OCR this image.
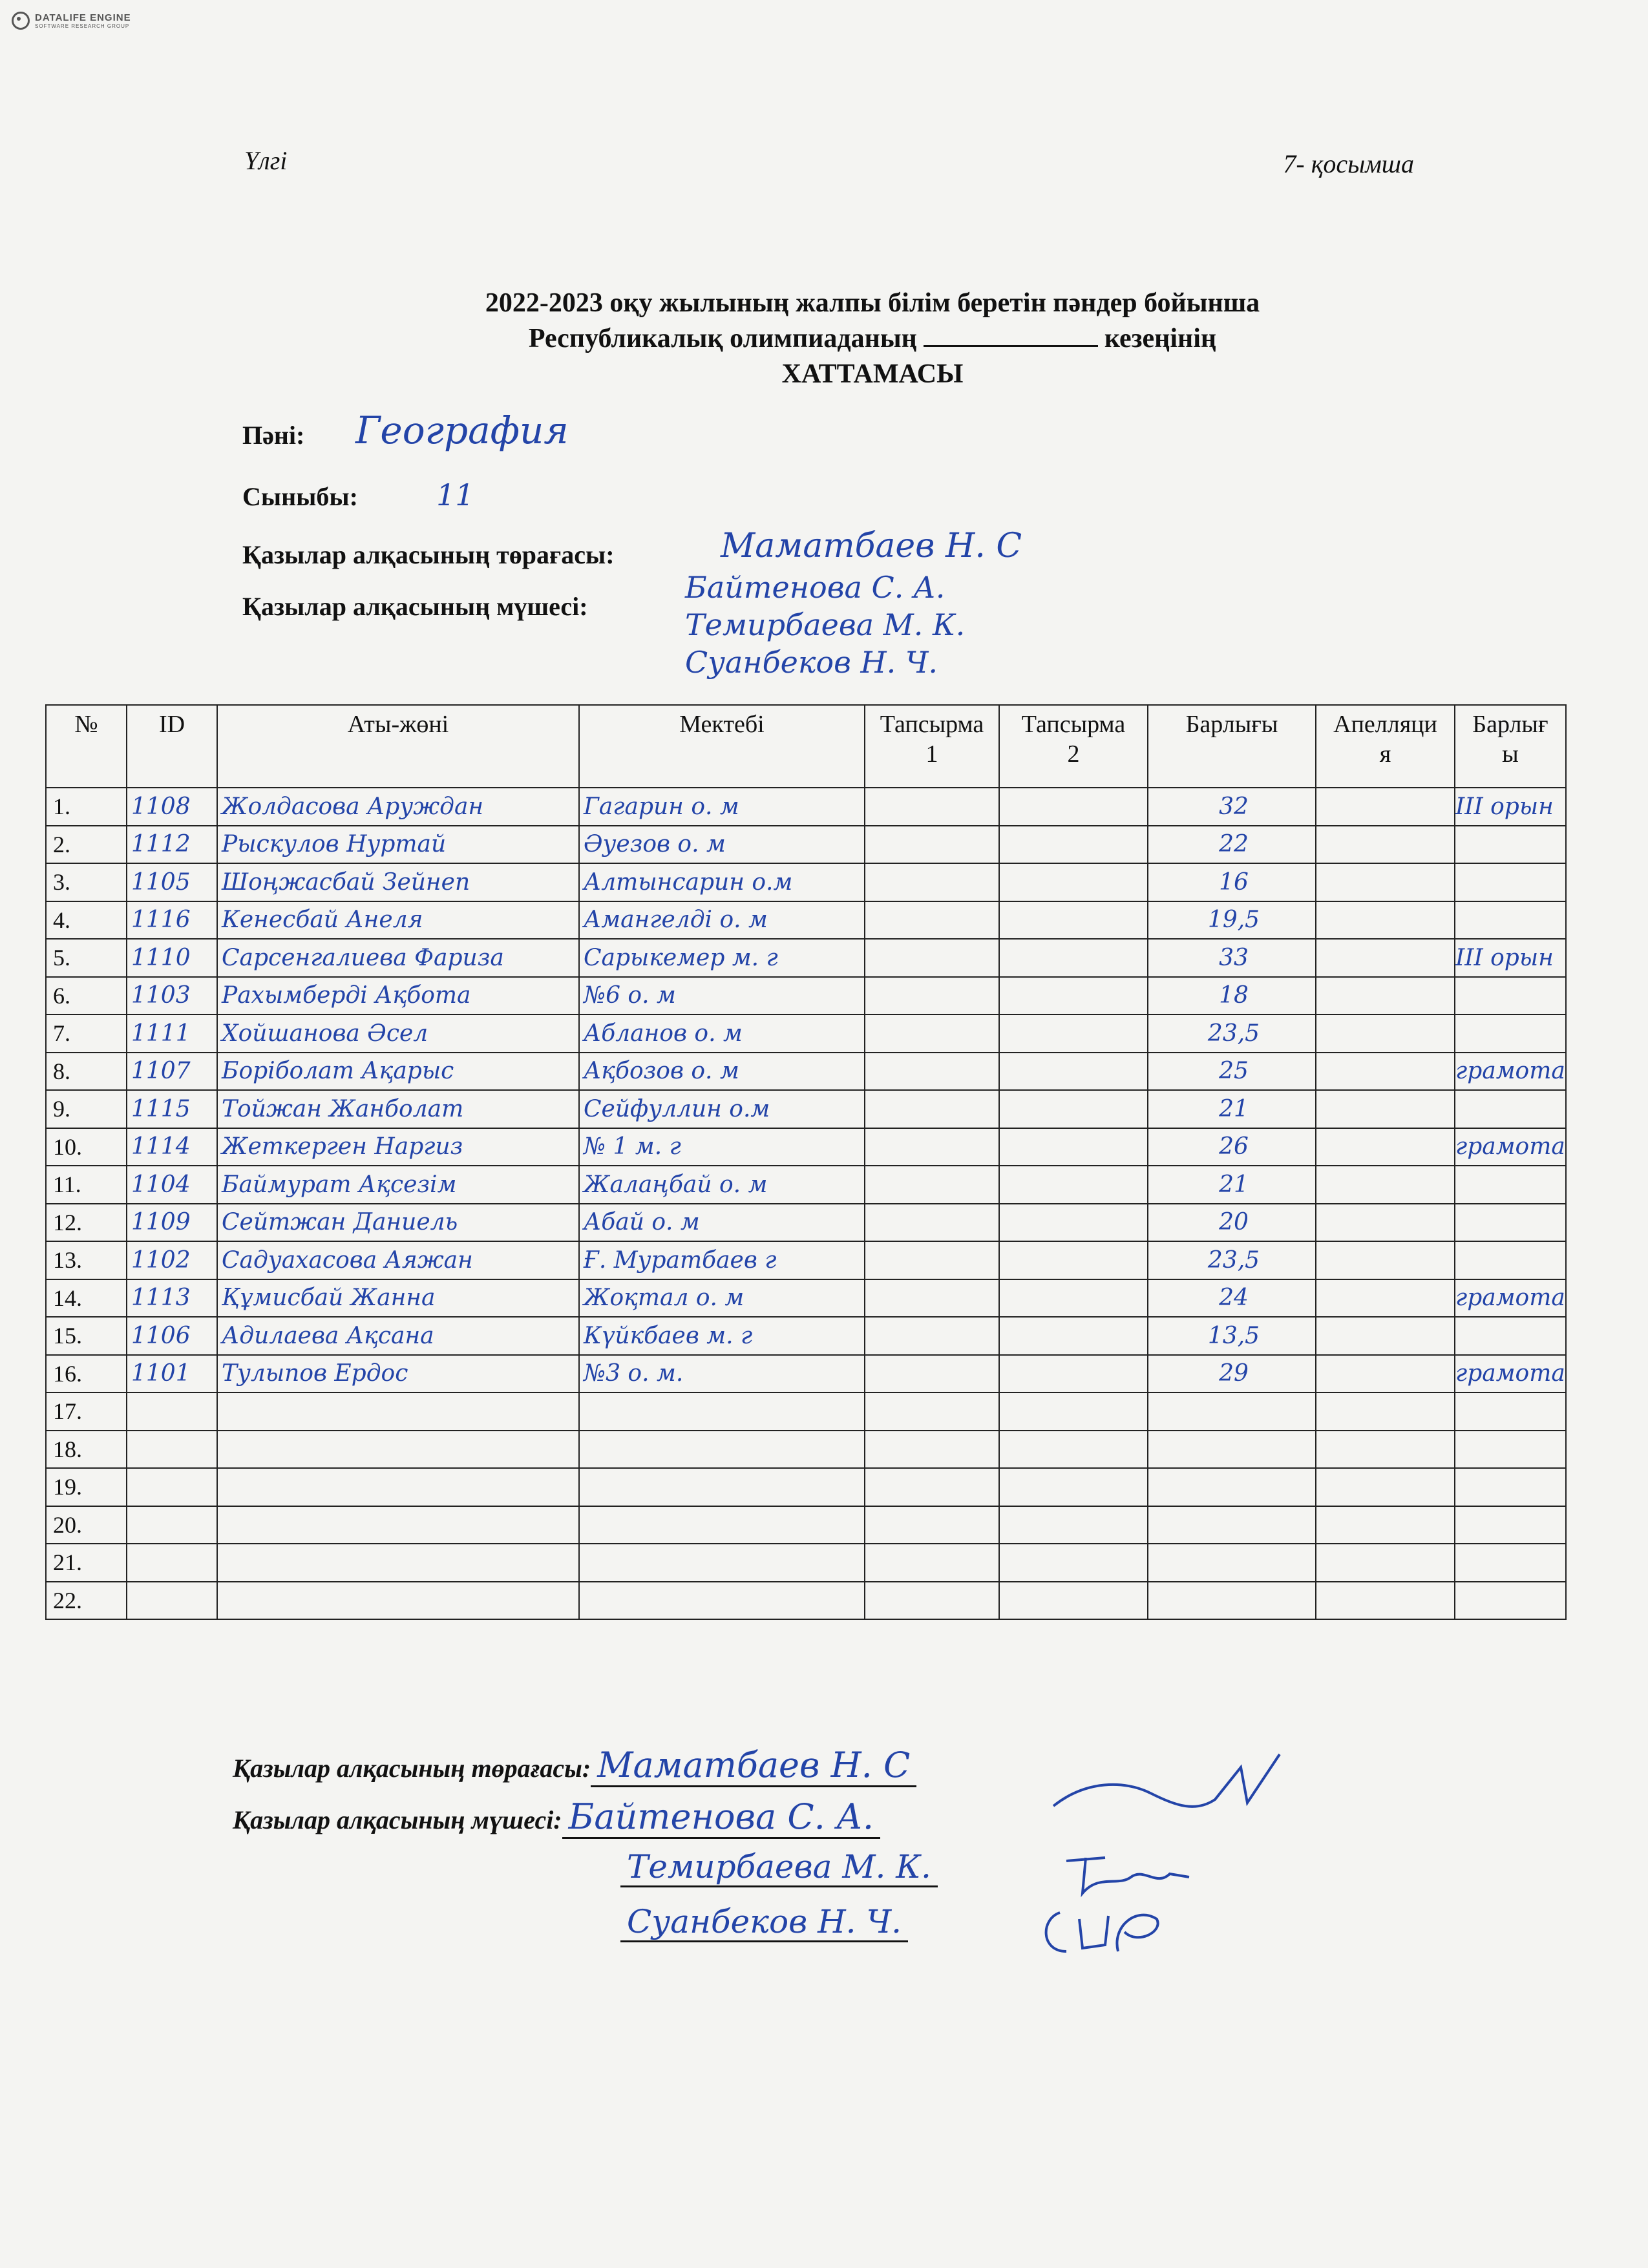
DATALIFE ENGINE
SOFTWARE RESEARCH GROUP
Үлгі	7- қосымша
2022-2023 оқу жылының жалпы білім беретін пәндер бойынша
Республикалық олимпиаданың	кезеңінің
ХАТТАМАСЫ
Пәні: География
Сыныбы:	11
Қазылар алқасының төрағасы:	Маматбаев Н. С
Қазылар алқасының мүшесі:
Байтенова С. А.
Темирбаева М. К.
Суанбеков Н. Ч.
№	ID	Аты-жөні	Мектебі	Тапсырма 1	Тапсырма 2	Барлығы	Апелляция	Барлығы
1.	1108	Жолдасова Аруждан	Гагарин о. м			32		III орын
2.	1112	Рыскулов Нуртай	Әуезов о. м			22		
3.	1105	Шоңжасбай Зейнеп	Алтынсарин о.м			16		
4.	1116	Кенесбай Анеля	Амангелді о. м			19,5		
5.	1110	Сарсенгалиева Фариза	Сарыкемер м. г			33		III орын
6.	1103	Рахымберді Ақбота	№6 о. м			18		
7.	1111	Хойшанова Әсел	Абланов о. м			23,5		
8.	1107	Боріболат Ақарыс	Ақбозов о. м			25		грамота
9.	1115	Тойжан Жанболат	Сейфуллин о.м			21		
10.	1114	Жеткерген Наргиз	№ 1 м. г			26		грамота
11.	1104	Баймурат Ақсезім	Жалаңбай о. м			21		
12.	1109	Сейтжан Даниель	Абай о. м			20		
13.	1102	Садуахасова Аяжан	Ғ. Муратбаев г			23,5		
14.	1113	Құмисбай Жанна	Жоқтал о. м			24		грамота
15.	1106	Адилаева Ақсана	Күйкбаев м. г			13,5		
16.	1101	Тулыпов Ердос	№3 о. м.			29		грамота
17.								
18.								
19.								
20.								
21.								
22.								
Қазылар алқасының төрағасы: Маматбаев Н. С
Қазылар алқасының мүшесі: Байтенова С. А.
Темирбаева М. К.
Суанбеков Н. Ч.
